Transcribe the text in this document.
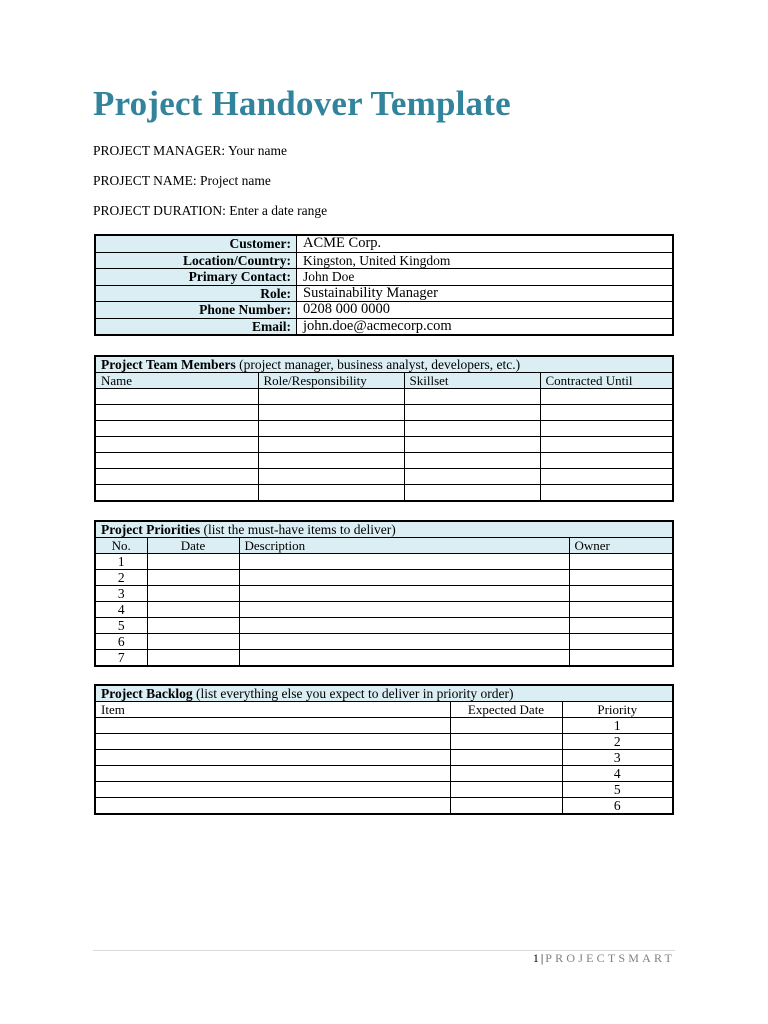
Project Handover Template
PROJECT MANAGER: Your name
PROJECT NAME: Project name
PROJECT DURATION: Enter a date range
Customer:	ACME Corp.
Location/Country:	Kingston, United Kingdom
Primary Contact:	John Doe
Role:	Sustainability Manager
Phone Number:	0208 000 0000
Email:	john.doe@acmecorp.com
Project Team Members (project manager, business analyst, developers, etc.)			
Name	Role/Responsibility	Skillset	Contracted Until

Project Priorities (list the must-have items to deliver)			
No.	Date	Description	Owner
1			
2			
3			
4			
5			
6			
7			
Project Backlog (list everything else you expect to deliver in priority order)		
Item	Expected Date	Priority
		1
		2
		3
		4
		5
		6
1 | PROJECTSMART
